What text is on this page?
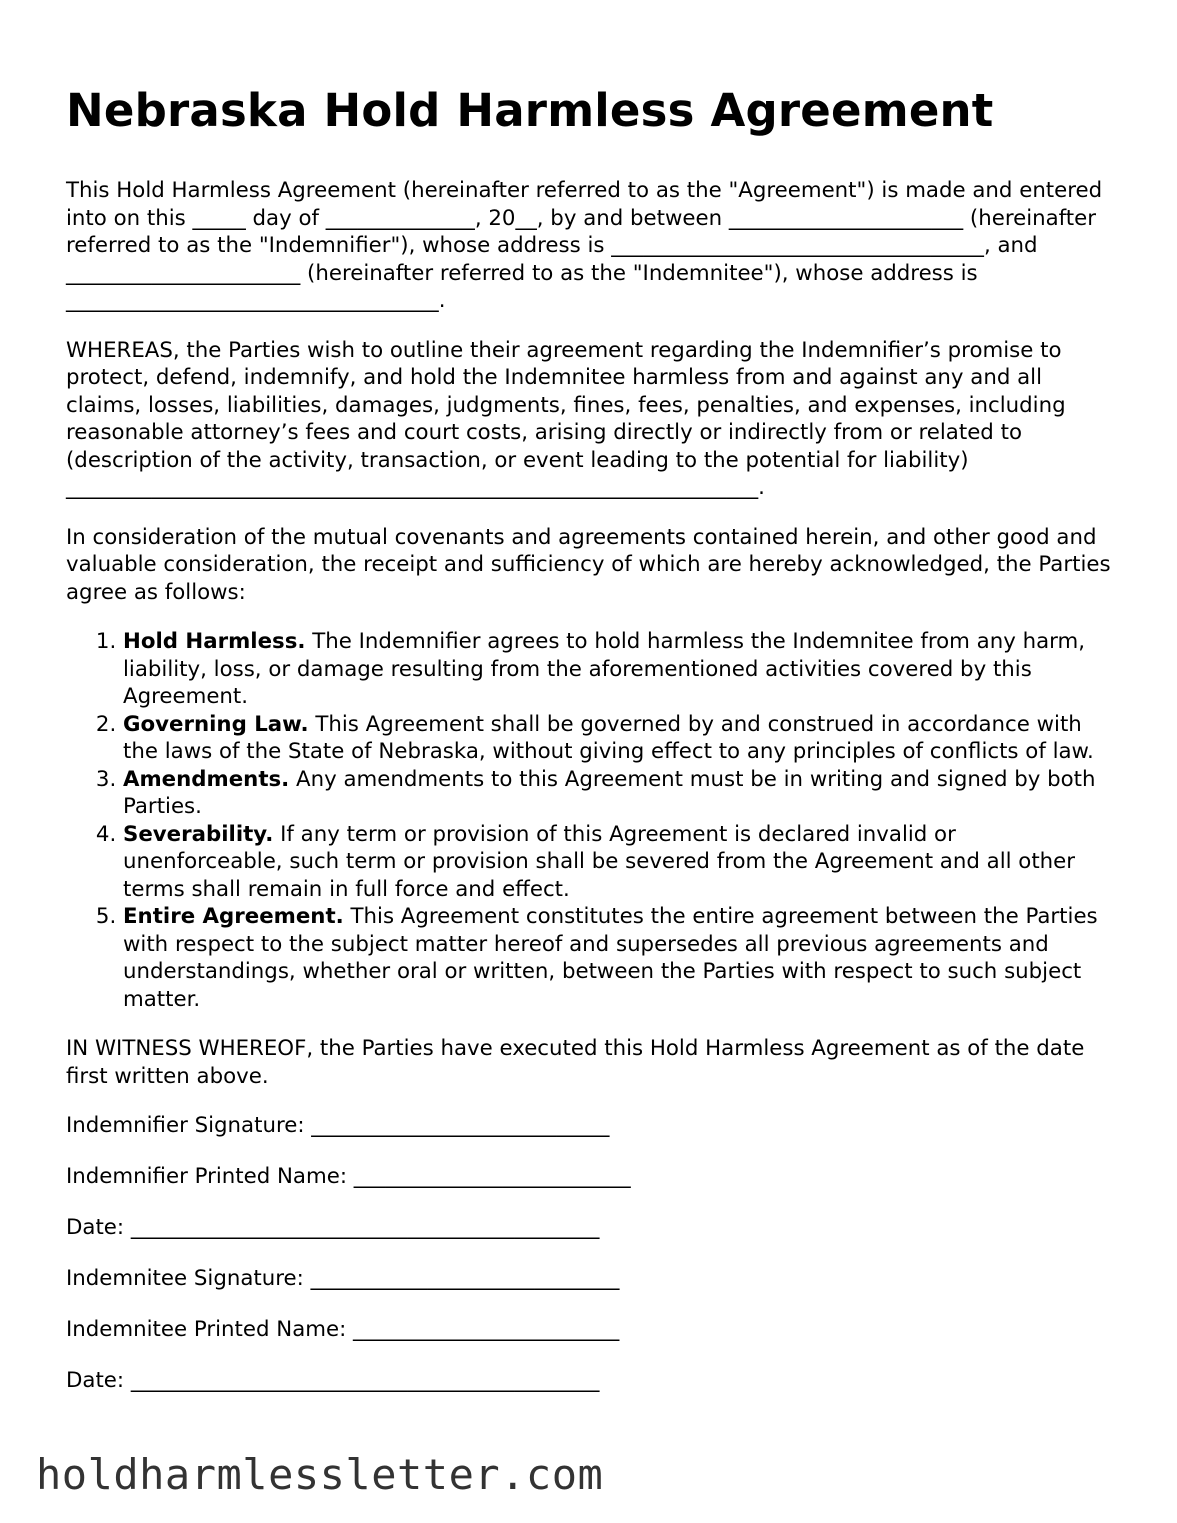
Nebraska Hold Harmless Agreement

This Hold Harmless Agreement (hereinafter referred to as the "Agreement") is made and entered into on this _____ day of ______________, 20__, by and between ______________________ (hereinafter referred to as the "Indemnifier"), whose address is ___________________________________, and ______________________ (hereinafter referred to as the "Indemnitee"), whose address is ___________________________________.

WHEREAS, the Parties wish to outline their agreement regarding the Indemnifier’s promise to protect, defend, indemnify, and hold the Indemnitee harmless from and against any and all claims, losses, liabilities, damages, judgments, fines, fees, penalties, and expenses, including reasonable attorney’s fees and court costs, arising directly or indirectly from or related to (description of the activity, transaction, or event leading to the potential for liability) _________________________________________________________________.

In consideration of the mutual covenants and agreements contained herein, and other good and valuable consideration, the receipt and sufficiency of which are hereby acknowledged, the Parties agree as follows:

1. Hold Harmless. The Indemnifier agrees to hold harmless the Indemnitee from any harm, liability, loss, or damage resulting from the aforementioned activities covered by this Agreement.
2. Governing Law. This Agreement shall be governed by and construed in accordance with the laws of the State of Nebraska, without giving effect to any principles of conflicts of law.
3. Amendments. Any amendments to this Agreement must be in writing and signed by both Parties.
4. Severability. If any term or provision of this Agreement is declared invalid or unenforceable, such term or provision shall be severed from the Agreement and all other terms shall remain in full force and effect.
5. Entire Agreement. This Agreement constitutes the entire agreement between the Parties with respect to the subject matter hereof and supersedes all previous agreements and understandings, whether oral or written, between the Parties with respect to such subject matter.

IN WITNESS WHEREOF, the Parties have executed this Hold Harmless Agreement as of the date first written above.

Indemnifier Signature: ____________________________
Indemnifier Printed Name: __________________________
Date: ____________________________________________
Indemnitee Signature: _____________________________
Indemnitee Printed Name: _________________________
Date: ____________________________________________
holdharmlessletter.com
